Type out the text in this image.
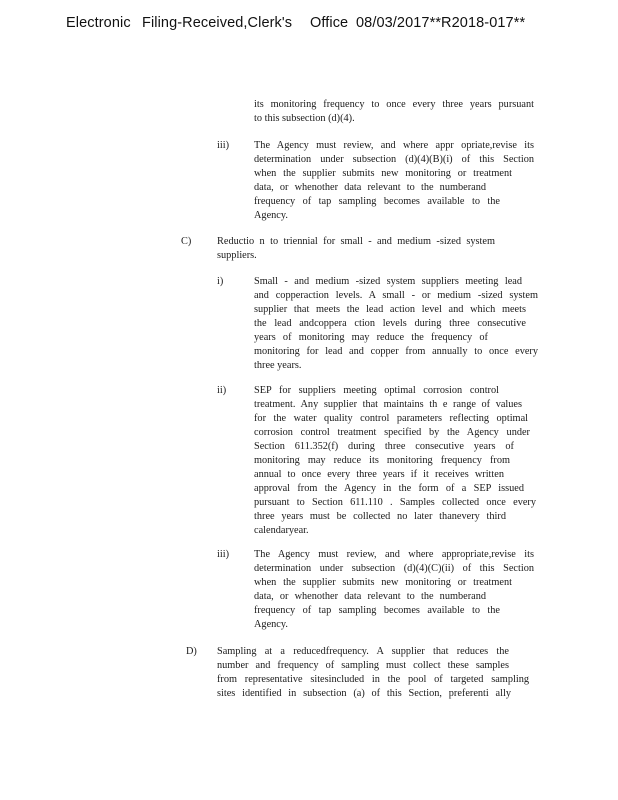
Electronic Filing-Received,Clerk's Office 08/03/2017**R2018-017**
its monitoring frequency to once every three years pursuant
to this subsection (d)(4).
iii) The Agency must review, and where appr opriate,revise its
determination under subsection (d)(4)(B)(i) of this Section
when the supplier submits new monitoring or treatment
data, or whenother data relevant to the numberand
frequency of tap sampling becomes available to the
Agency.
C) Reductio n to triennial for small - and medium -sized system
suppliers.
i)	Small - and medium -sized system suppliers meeting lead
and copperaction levels. A small - or medium -sized system
supplier that meets the lead action level and which meets
the lead andcoppera ction levels during three consecutive
years of monitoring may reduce the frequency of
monitoring for lead and copper from annually to once every
three years.
ii)	SEP for suppliers meeting optimal corrosion control
treatment. Any supplier that maintains th e range of values
for the water quality control parameters reflecting optimal
corrosion control treatment specified by the Agency under
Section 611.352(f) during three consecutive years of
monitoring may reduce its monitoring frequency from
annual to once every three years if it receives written
approval from the Agency in the form of a SEP issued
pursuant to Section 611.110 . Samples collected once every
three years must be collected no later thanevery third
calendaryear.
iii) The Agency must review, and where appropriate,revise its
determination under subsection (d)(4)(C)(ii) of this Section
when the supplier submits new monitoring or treatment
data, or whenother data relevant to the numberand
frequency of tap sampling becomes available to the
Agency.
D) Sampling at a reducedfrequency. A supplier that reduces the
number and frequency of sampling must collect these samples
from representative sitesincluded in the pool of targeted sampling
sites identified in subsection (a) of this Section, preferenti ally
